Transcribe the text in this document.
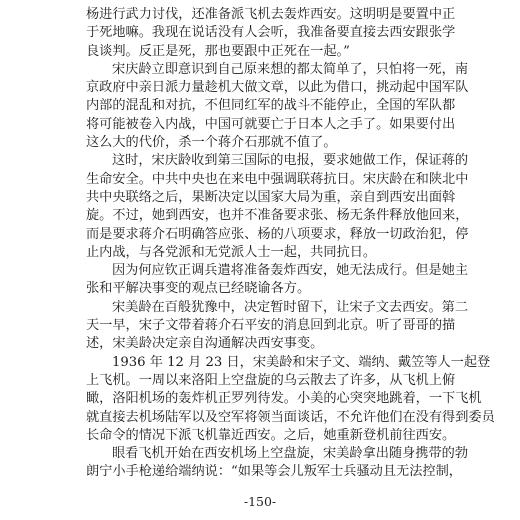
杨进行武力讨伐，还准备派飞机去轰炸西安。这明明是要置中正
于死地嘛。我现在说话没有人会听，我准备要直接去西安跟张学
良谈判。反正是死，那也要跟中正死在一起。”
宋庆龄立即意识到自己原来想的都太简单了，只怕将一死，南
京政府中亲日派力量趁机大做文章，以此为借口，挑动起中国军队
内部的混乱和对抗，不但同红军的战斗不能停止，全国的军队都
将可能被卷入内战，中国可就要亡于日本人之手了。如果要付出
这么大的代价，杀一个蒋介石那就不值了。
这时，宋庆龄收到第三国际的电报，要求她做工作，保证蒋的
生命安全。中共中央也在来电中强调联蒋抗日。宋庆龄在和陕北中
共中央联络之后，果断决定以国家大局为重，亲自到西安出面斡
旋。不过，她到西安，也并不准备要求张、杨无条件释放他回来，
而是要求蒋介石明确答应张、杨的八项要求，释放一切政治犯，停
止内战，与各党派和无党派人士一起，共同抗日。
因为何应钦正调兵遣将准备轰炸西安，她无法成行。但是她主
张和平解决事变的观点已经晓谕各方。
宋美龄在百般犹豫中，决定暂时留下，让宋子文去西安。第二
天一早，宋子文带着蒋介石平安的消息回到北京。听了哥哥的描
述，宋美龄决定亲自沟通解决西安事变。
1936 年 12 月 23 日，宋美龄和宋子文、端纳、戴笠等人一起登
上飞机。一周以来洛阳上空盘旋的乌云散去了许多，从飞机上俯
瞰，洛阳机场的轰炸机正罗列待发。小美的心突突地跳着，一下飞机
就直接去机场陆军以及空军将领当面谈话，不允许他们在没有得到委员
长命令的情况下派飞机靠近西安。之后，她重新登机前往西安。
眼看飞机开始在西安机场上空盘旋，宋美龄拿出随身携带的勃
朗宁小手枪递给端纳说：“如果等会儿叛军士兵骚动且无法控制，
-150-
